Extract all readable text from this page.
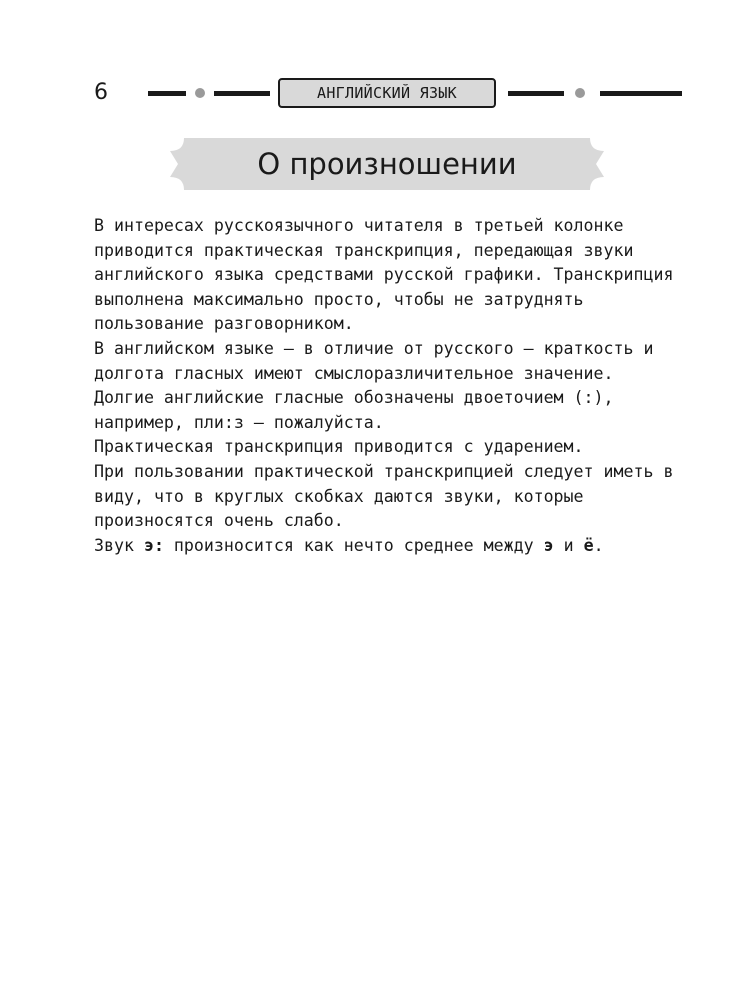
6	АНГЛИЙСКИЙ ЯЗЫК
О произношении

В интересах русскоязычного читателя в третьей колонке приводится практическая транскрипция, передающая звуки английского языка средствами русской графики. Транскрипция выполнена максимально просто, чтобы не затруднять пользование разговорником.

В английском языке — в отличие от русского — краткость и долгота гласных имеют смыслоразличительное значение. Долгие английские гласные обозначены двоеточием (:), например, пли:з — пожалуйста.

Практическая транскрипция приводится с ударением.

При пользовании практической транскрипцией следует иметь в виду, что в круглых скобках даются звуки, которые произносятся очень слабо.

Звук э: произносится как нечто среднее между э и ё.
